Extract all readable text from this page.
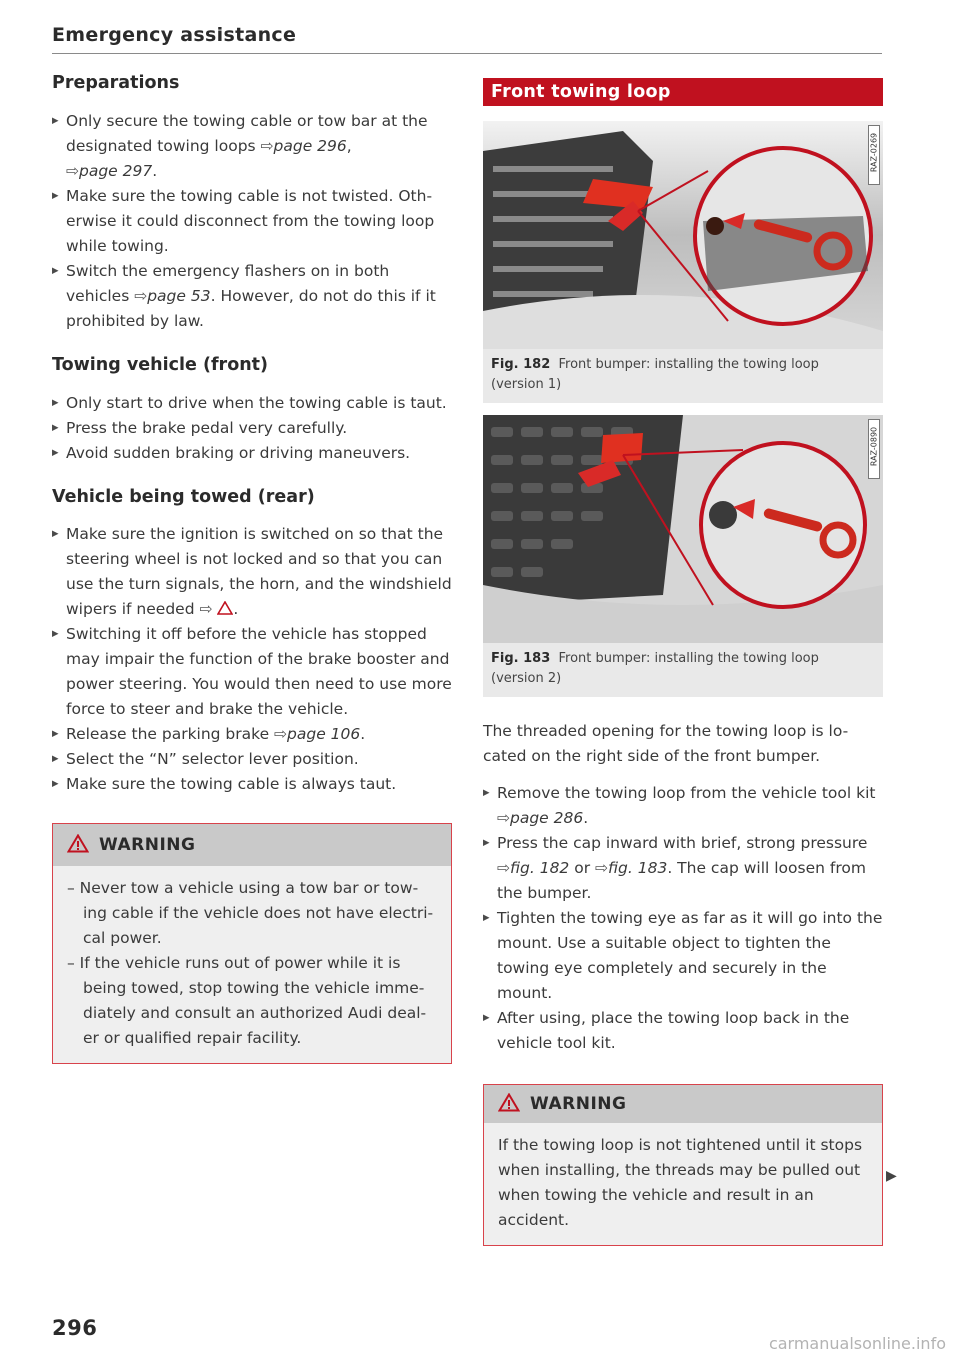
Emergency assistance
Preparations
▶ Only secure the towing cable or tow bar at the designated towing loops ⇨page 296,
⇨page 297.
▶ Make sure the towing cable is not twisted. Oth-erwise it could disconnect from the towing loop while towing.
▶ Switch the emergency flashers on in both vehicles ⇨page 53. However, do not do this if it prohibited by law.
Towing vehicle (front)
▶ Only start to drive when the towing cable is taut.
▶ Press the brake pedal very carefully.
▶ Avoid sudden braking or driving maneuvers.
Vehicle being towed (rear)
▶ Make sure the ignition is switched on so that the steering wheel is not locked and so that you can use the turn signals, the horn, and the windshield wipers if needed ⇨ .
▶ Switching it off before the vehicle has stopped may impair the function of the brake booster and power steering. You would then need to use more force to steer and brake the vehicle.
▶ Release the parking brake ⇨page 106.
▶ Select the “N” selector lever position.
▶ Make sure the towing cable is always taut.
WARNING

– Never tow a vehicle using a tow bar or tow-ing cable if the vehicle does not have electri-cal power.

– If the vehicle runs out of power while it is being towed, stop towing the vehicle imme-diately and consult an authorized Audi deal-er or qualified repair facility.

Front towing loop
RAZ-0269
Fig. 182 Front bumper: installing the towing loop (version 1)
RAZ-0890
Fig. 183 Front bumper: installing the towing loop (version 2)

The threaded opening for the towing loop is lo-cated on the right side of the front bumper.

▶ Remove the towing loop from the vehicle tool kit ⇨page 286.
▶ Press the cap inward with brief, strong pressure ⇨fig. 182 or ⇨fig. 183. The cap will loosen from the bumper.
▶ Tighten the towing eye as far as it will go into the mount. Use a suitable object to tighten the towing eye completely and securely in the mount.
▶ After using, place the towing loop back in the vehicle tool kit.
WARNING

If the towing loop is not tightened until it stops when installing, the threads may be pulled out when towing the vehicle and result in an accident.

▶
296
carmanualsonline.info
